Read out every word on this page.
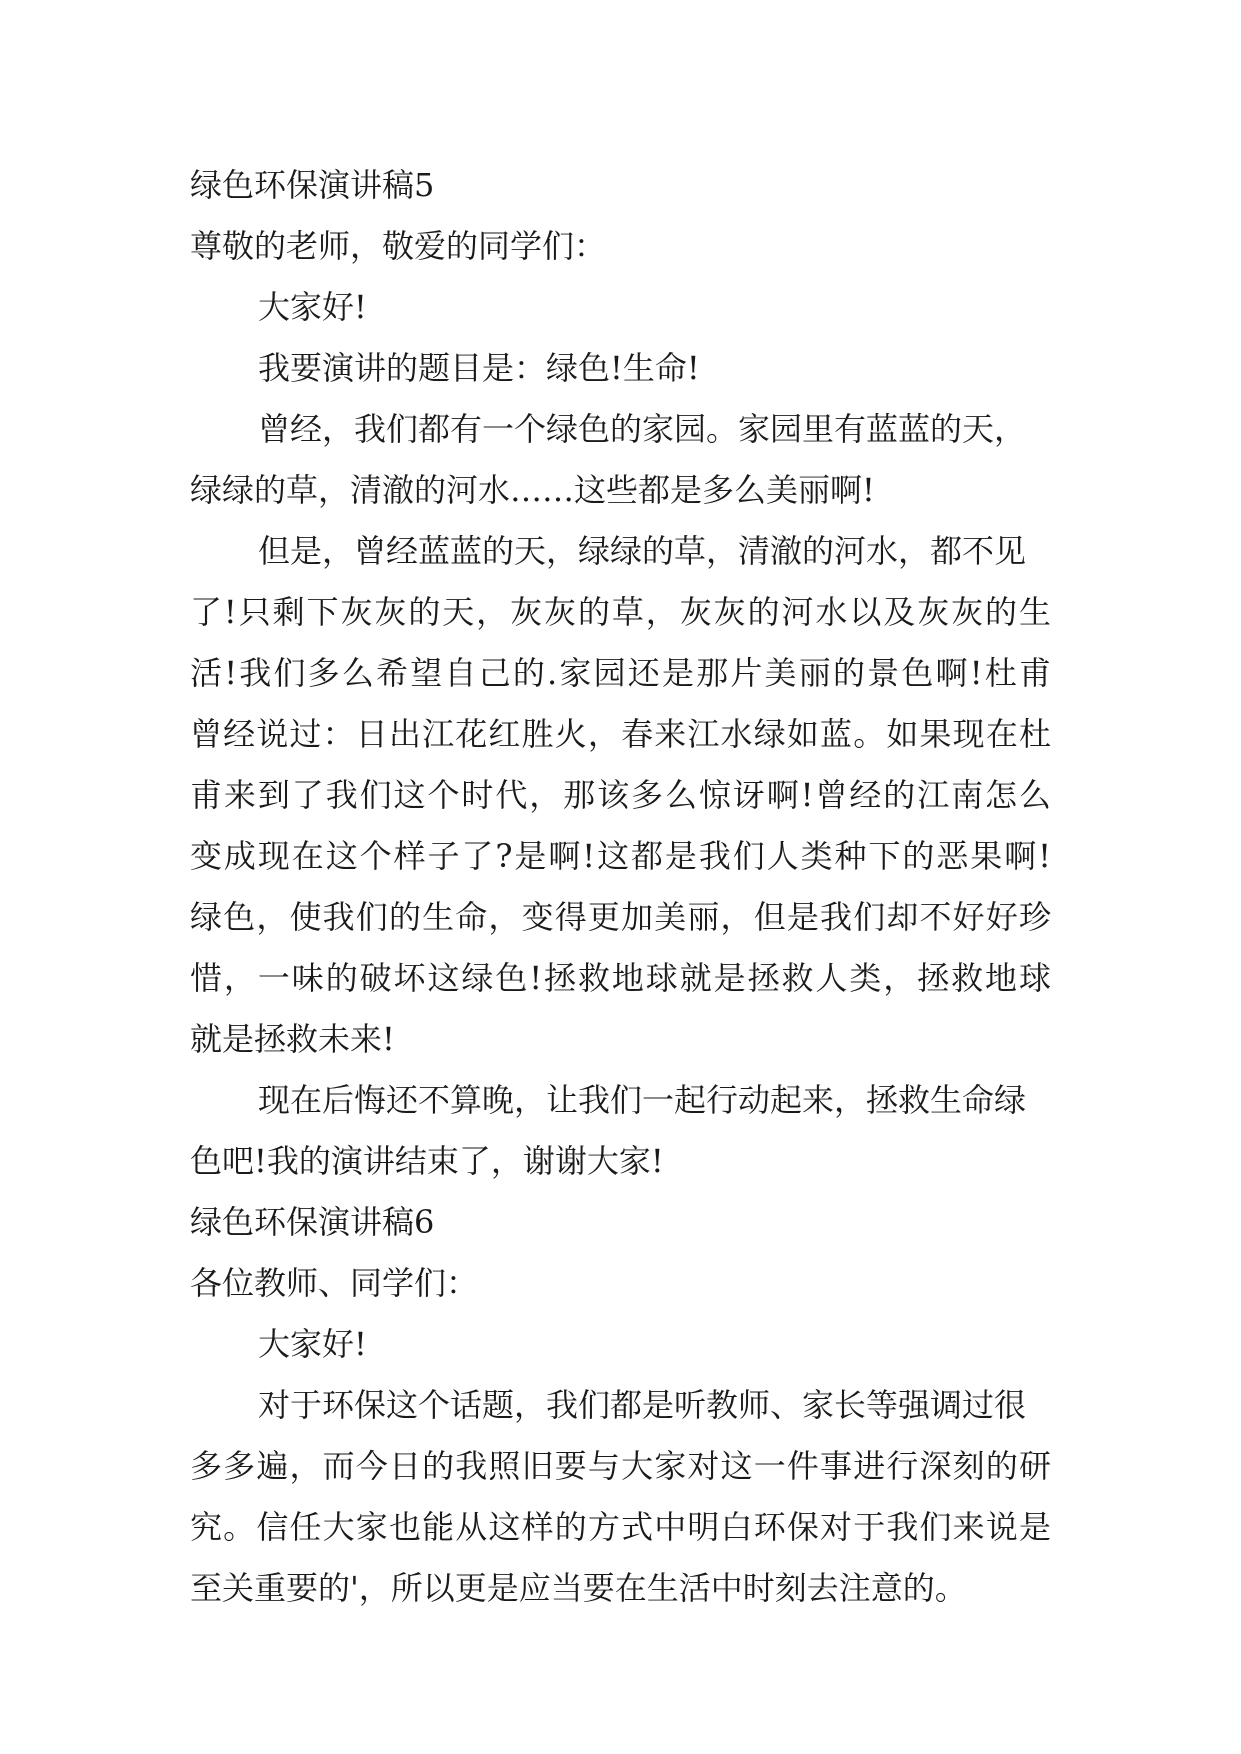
绿色环保演讲稿5

尊敬的老师，敬爱的同学们：

大家好!

我要演讲的题目是：绿色!生命!

曾经，我们都有一个绿色的家园。家园里有蓝蓝的天，

绿绿的草，清澈的河水……这些都是多么美丽啊!

但是，曾经蓝蓝的天，绿绿的草，清澈的河水，都不见

了!只剩下灰灰的天，灰灰的草，灰灰的河水以及灰灰的生

活!我们多么希望自己的.家园还是那片美丽的景色啊!杜甫

曾经说过：日出江花红胜火，春来江水绿如蓝。如果现在杜

甫来到了我们这个时代，那该多么惊讶啊!曾经的江南怎么

变成现在这个样子了?是啊!这都是我们人类种下的恶果啊!

绿色，使我们的生命，变得更加美丽，但是我们却不好好珍

惜，一味的破坏这绿色!拯救地球就是拯救人类，拯救地球

就是拯救未来!

现在后悔还不算晚，让我们一起行动起来，拯救生命绿

色吧!我的演讲结束了，谢谢大家!

绿色环保演讲稿6

各位教师、同学们：

大家好!

对于环保这个话题，我们都是听教师、家长等强调过很

多多遍，而今日的我照旧要与大家对这一件事进行深刻的研

究。信任大家也能从这样的方式中明白环保对于我们来说是

至关重要的'，所以更是应当要在生活中时刻去注意的。
